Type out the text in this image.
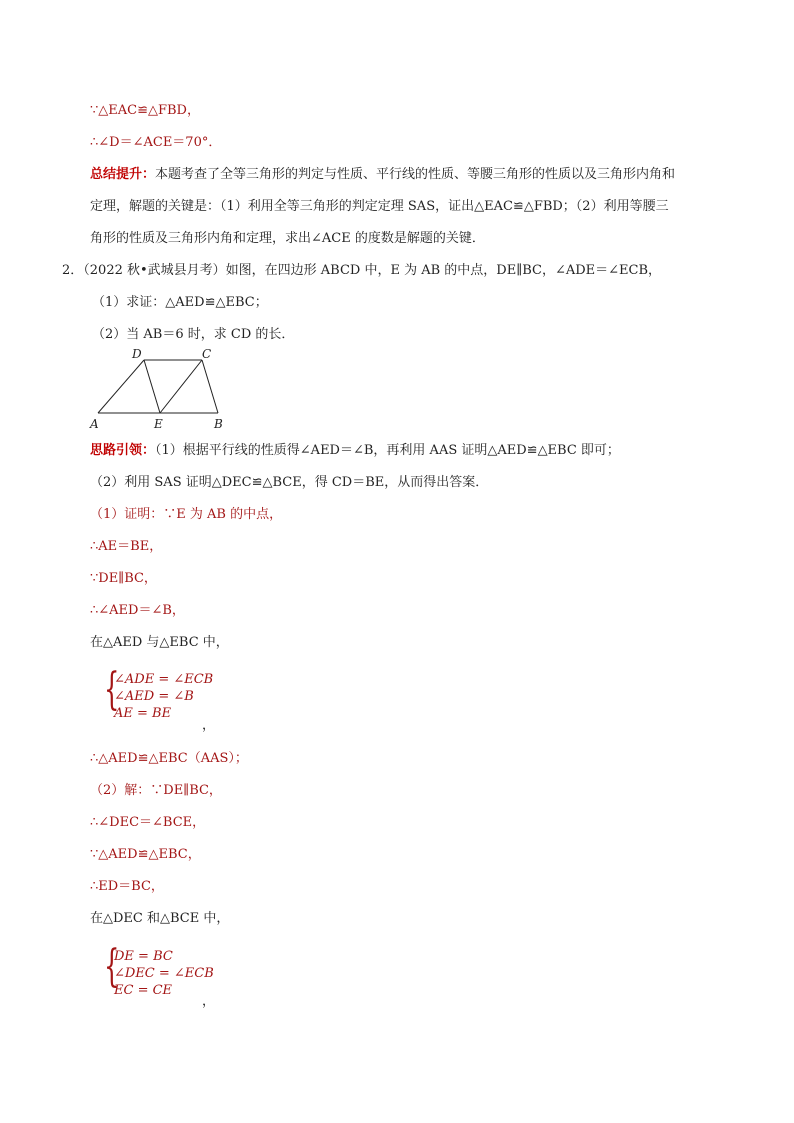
∵△EAC≌△FBD，
∴∠D＝∠ACE＝70°．
总结提升：本题考查了全等三角形的判定与性质、平行线的性质、等腰三角形的性质以及三角形内角和
定理，解题的关键是：（1）利用全等三角形的判定定理 SAS，证出△EAC≌△FBD；（2）利用等腰三
角形的性质及三角形内角和定理，求出∠ACE 的度数是解题的关键．
2．（2022 秋•武城县月考）如图，在四边形 ABCD 中，E 为 AB 的中点，DE∥BC，∠ADE＝∠ECB，
（1）求证：△AED≌△EBC；
（2）当 AB＝6 时，求 CD 的长．
D	C
A	E	B
思路引领：（1）根据平行线的性质得∠AED＝∠B，再利用 AAS 证明△AED≌△EBC 即可；
（2）利用 SAS 证明△DEC≌△BCE，得 CD＝BE，从而得出答案．
（1）证明：∵E 为 AB 的中点，
∴AE＝BE，
∵DE∥BC，
∴∠AED＝∠B，
在△AED 与△EBC 中，
{
∠ADE = ∠ECB
∠AED = ∠B
AE = BE
，
∴△AED≌△EBC（AAS）；
（2）解：∵DE∥BC，
∴∠DEC＝∠BCE，
∵△AED≌△EBC，
∴ED＝BC，
在△DEC 和△BCE 中，
{
DE = BC
∠DEC = ∠ECB
EC = CE
，
